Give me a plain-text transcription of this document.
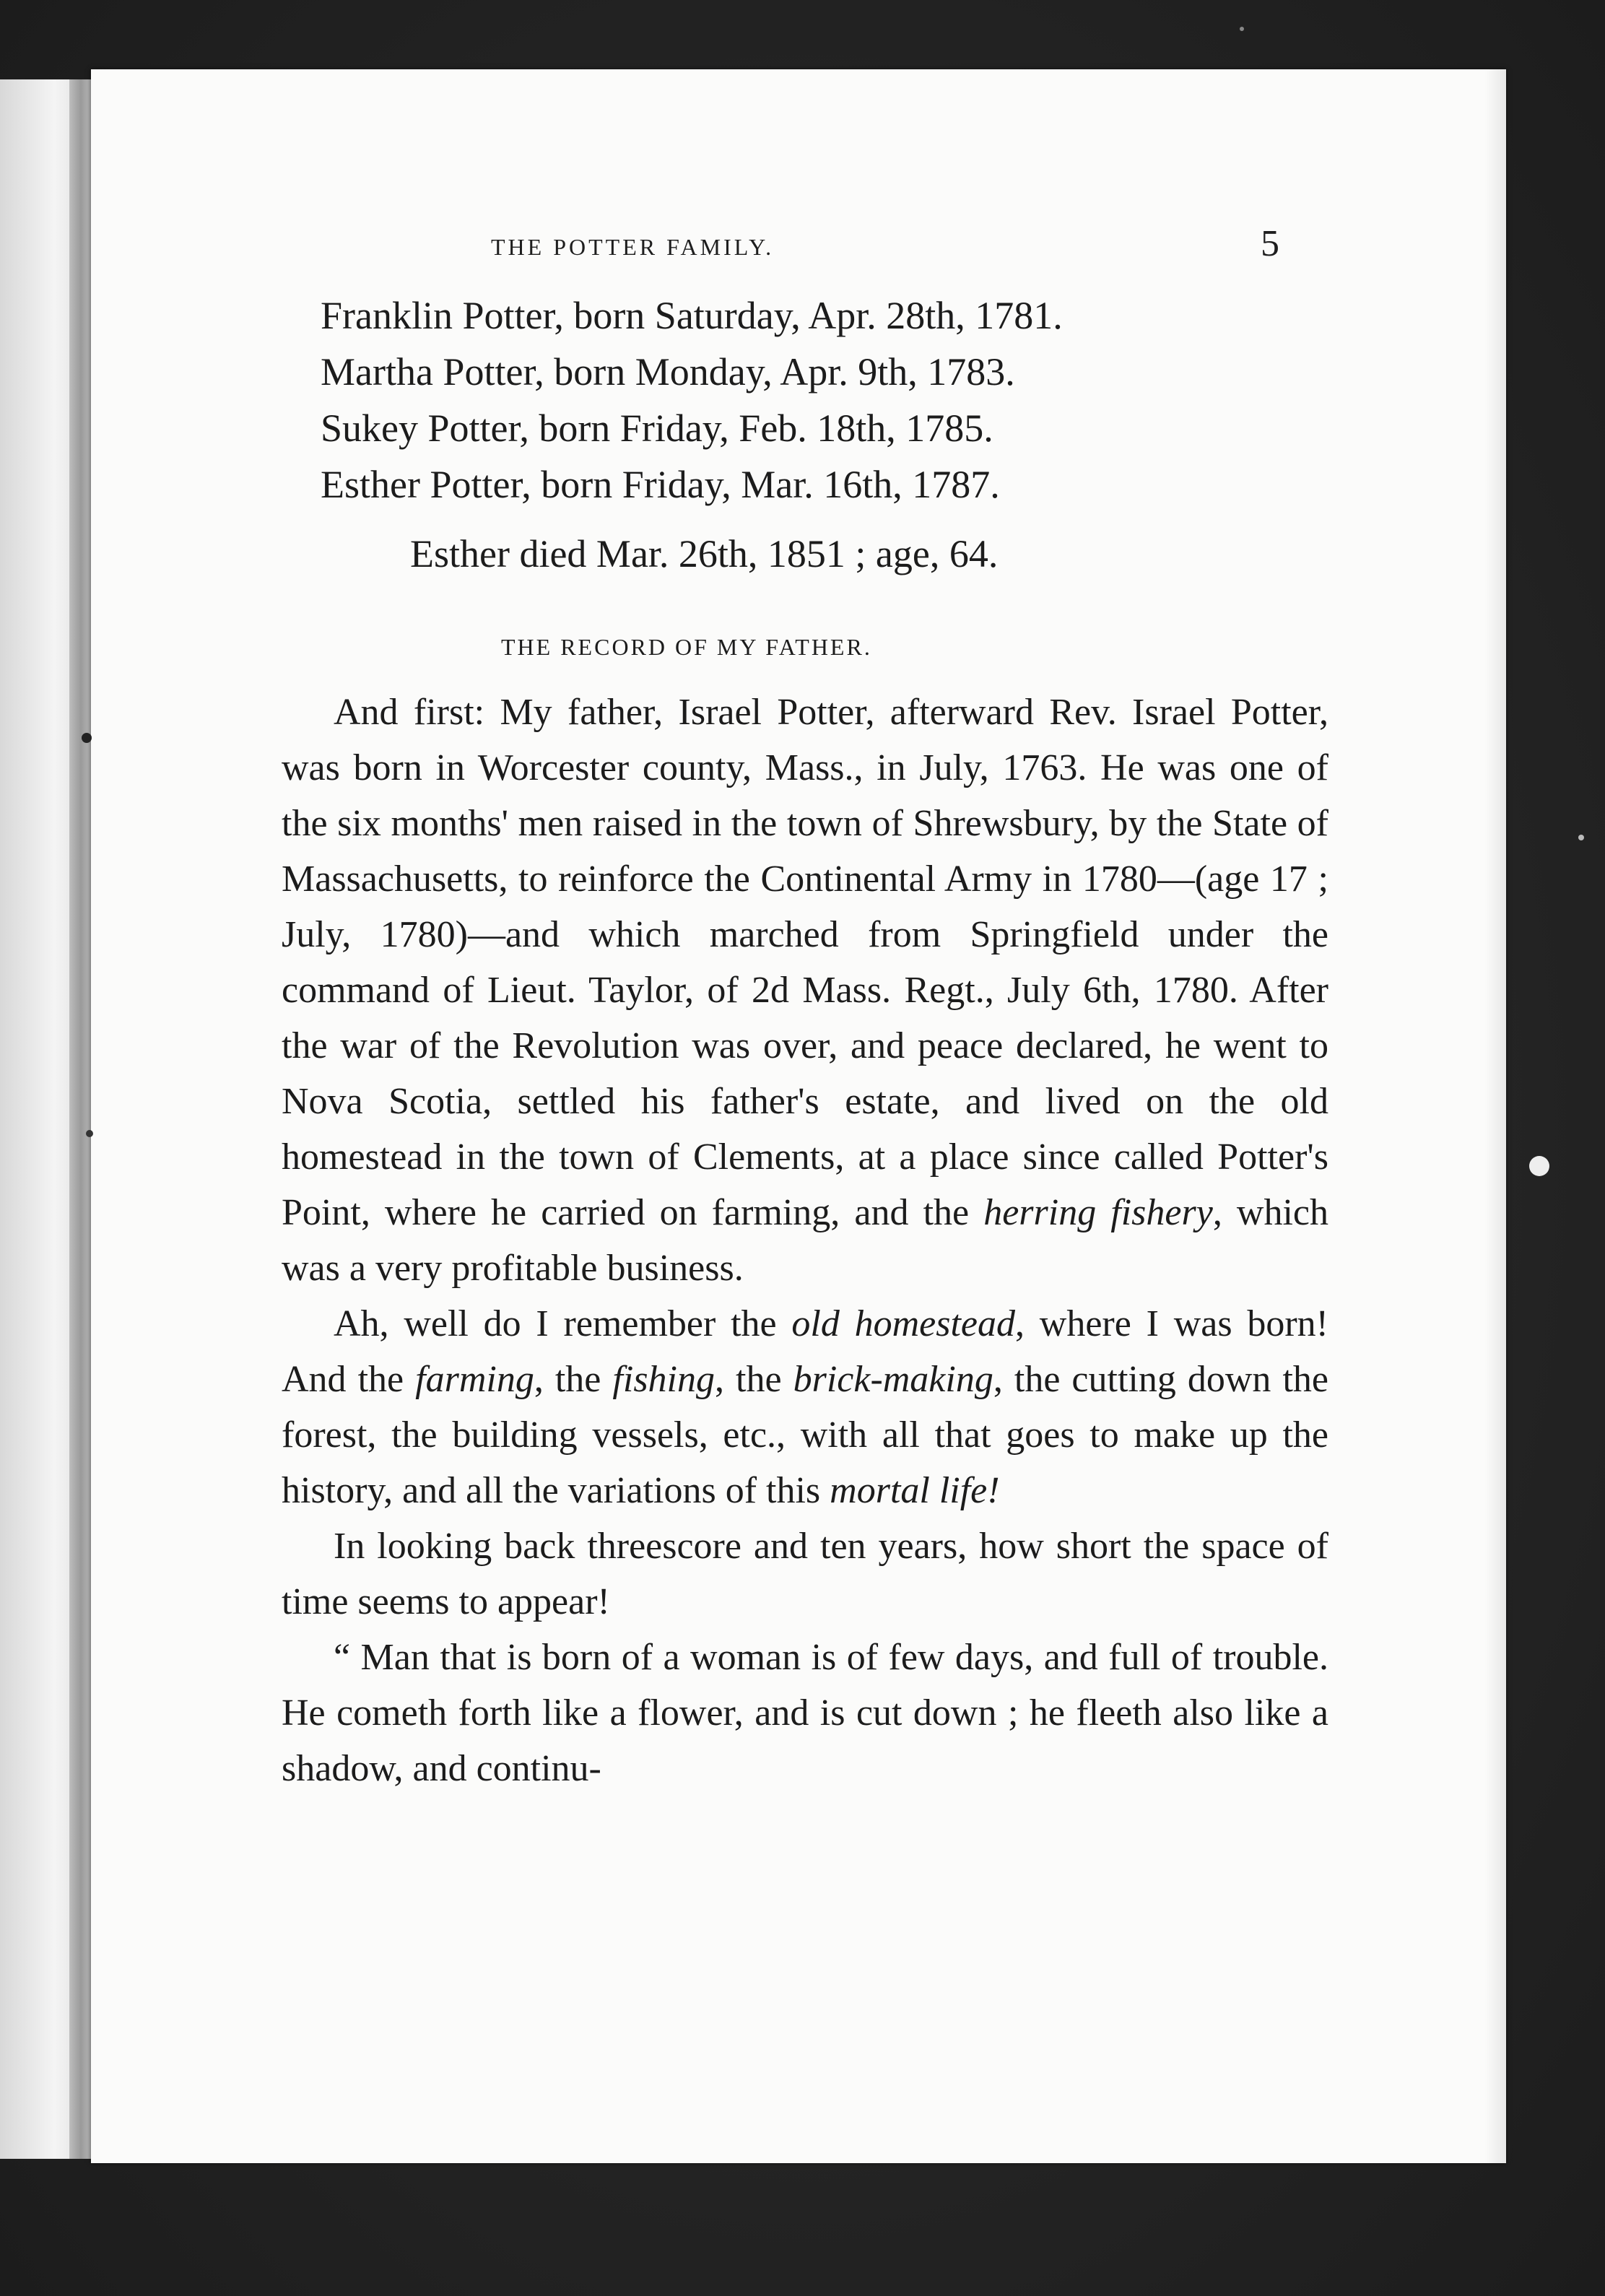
THE POTTER FAMILY.	5
Franklin Potter, born Saturday, Apr. 28th, 1781.
Martha Potter, born Monday, Apr. 9th, 1783.
Sukey Potter, born Friday, Feb. 18th, 1785.
Esther Potter, born Friday, Mar. 16th, 1787.
Esther died Mar. 26th, 1851 ; age, 64.
THE RECORD OF MY FATHER.

And first: My father, Israel Potter, afterward Rev. Israel Potter, was born in Worcester county, Mass., in July, 1763. He was one of the six months' men raised in the town of Shrewsbury, by the State of Massachusetts, to reinforce the Continental Army in 1780—(age 17 ; July, 1780)—and which marched from Springfield under the command of Lieut. Taylor, of 2d Mass. Regt., July 6th, 1780. After the war of the Revolution was over, and peace declared, he went to Nova Scotia, settled his father's estate, and lived on the old homestead in the town of Clements, at a place since called Potter's Point, where he carried on farming, and the herring fishery, which was a very profitable business.

Ah, well do I remember the old homestead, where I was born! And the farming, the fishing, the brick-making, the cutting down the forest, the building vessels, etc., with all that goes to make up the history, and all the variations of this mortal life!

In looking back threescore and ten years, how short the space of time seems to appear!

“ Man that is born of a woman is of few days, and full of trouble. He cometh forth like a flower, and is cut down ; he fleeth also like a shadow, and continu-
